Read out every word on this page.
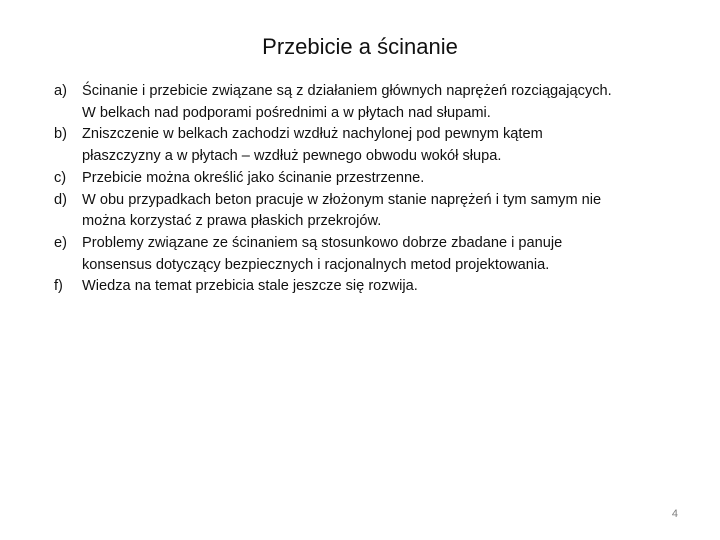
Przebicie a ścinanie
a)	Ścinanie i przebicie związane są z działaniem głównych naprężeń rozciągających. W belkach nad podporami pośrednimi a w płytach nad słupami.
b)	Zniszczenie w belkach zachodzi wzdłuż nachylonej pod pewnym kątem płaszczyzny a w płytach – wzdłuż pewnego obwodu wokół słupa.
c)	Przebicie można określić jako ścinanie przestrzenne.
d)	W obu przypadkach beton pracuje w złożonym stanie naprężeń i tym samym nie można korzystać z prawa płaskich przekrojów.
e)	Problemy związane ze ścinaniem są stosunkowo dobrze zbadane i panuje konsensus dotyczący bezpiecznych i racjonalnych metod projektowania.
f)	Wiedza na temat przebicia stale jeszcze się rozwija.
4
